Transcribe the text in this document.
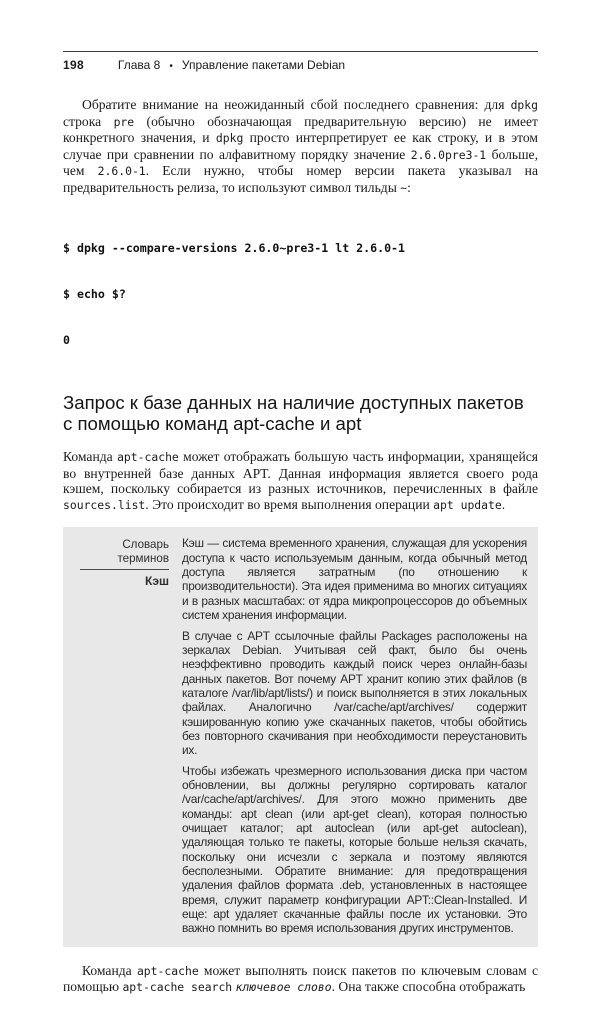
198	Глава 8 • Управление пакетами Debian

Обратите внимание на неожиданный сбой последнего сравнения: для dpkg строка pre (обычно обозначающая предварительную версию) не имеет конкретного значения, и dpkg просто интерпретирует ее как строку, и в этом случае при сравнении по алфавитному порядку значение 2.6.0pre3-1 больше, чем 2.6.0-1. Если нужно, чтобы номер версии пакета указывал на предварительность релиза, то используют символ тильды ~:

$ dpkg --compare-versions 2.6.0~pre3-1 lt 2.6.0-1

$ echo $?

0

Запрос к базе данных на наличие доступных пакетов
с помощью команд apt-cache и apt

Команда apt-cache может отображать большую часть информации, хранящейся во внутренней базе данных APT. Данная информация является своего рода кэшем, поскольку собирается из разных источников, перечисленных в файле sources.list. Это происходит во время выполнения операции apt update.

Словарь
терминов
Кэш

Кэш — система временного хранения, служащая для ускорения доступа к часто используемым данным, когда обычный метод доступа является затратным (по отношению к производительности). Эта идея применима во многих ситуациях и в разных масштабах: от ядра микропроцессоров до объемных систем хранения информации.

В случае с APT ссылочные файлы Packages расположены на зеркалах Debian. Учитывая сей факт, было бы очень неэффективно проводить каждый поиск через онлайн-базы данных пакетов. Вот почему APT хранит копию этих файлов (в каталоге /var/lib/apt/lists/) и поиск выполняется в этих локальных файлах. Аналогично /var/cache/apt/archives/ содержит кэшированную копию уже скачанных пакетов, чтобы обойтись без повторного скачивания при необходимости переустановить их.

Чтобы избежать чрезмерного использования диска при частом обновлении, вы должны регулярно сортировать каталог /var/cache/apt/archives/. Для этого можно применить две команды: apt clean (или apt-get clean), которая полностью очищает каталог; apt autoclean (или apt-get autoclean), удаляющая только те пакеты, которые больше нельзя скачать, поскольку они исчезли с зеркала и поэтому являются бесполезными. Обратите внимание: для предотвращения удаления файлов формата .deb, установленных в настоящее время, служит параметр конфигурации APT::Clean-Installed. И еще: apt удаляет скачанные файлы после их установки. Это важно помнить во время использования других инструментов.

Команда apt-cache может выполнять поиск пакетов по ключевым словам с помощью apt-cache search ключевое слово. Она также способна отображать
